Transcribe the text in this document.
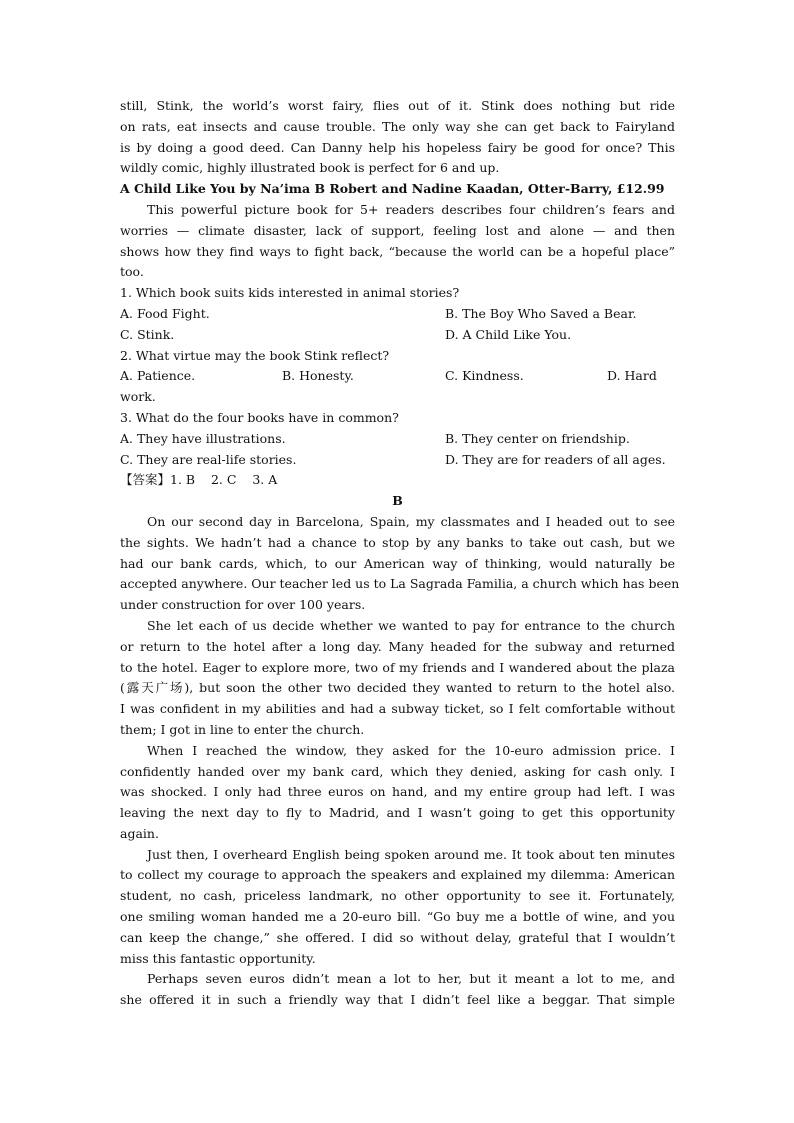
still, Stink, the world’s worst fairy, flies out of it. Stink does nothing but ride
on rats, eat insects and cause trouble. The only way she can get back to Fairyland
is by doing a good deed. Can Danny help his hopeless fairy be good for once? This
wildly comic, highly illustrated book is perfect for 6 and up.
A Child Like You by Na’ima B Robert and Nadine Kaadan, Otter-Barry, £12.99
This powerful picture book for 5+ readers describes four children’s fears and
worries — climate disaster, lack of support, feeling lost and alone — and then
shows how they find ways to fight back, “because the world can be a hopeful place”
too.
1. Which book suits kids interested in animal stories?
A. Food Fight.	B. The Boy Who Saved a Bear.
C. Stink.	D. A Child Like You.
2. What virtue may the book Stink reflect?
A. Patience.	B. Honesty.	C. Kindness.	D. Hard
work.
3. What do the four books have in common?
A. They have illustrations.	B. They center on friendship.
C. They are real-life stories.	D. They are for readers of all ages.
【答案】1. B    2. C    3. A
B
On our second day in Barcelona, Spain, my classmates and I headed out to see
the sights. We hadn’t had a chance to stop by any banks to take out cash, but we
had our bank cards, which, to our American way of thinking, would naturally be
accepted anywhere. Our teacher led us to La Sagrada Familia, a church which has been
under construction for over 100 years.
She let each of us decide whether we wanted to pay for entrance to the church
or return to the hotel after a long day. Many headed for the subway and returned
to the hotel. Eager to explore more, two of my friends and I wandered about the plaza
(露天广场), but soon the other two decided they wanted to return to the hotel also.
I was confident in my abilities and had a subway ticket, so I felt comfortable without
them; I got in line to enter the church.
When I reached the window, they asked for the 10-euro admission price. I
confidently handed over my bank card, which they denied, asking for cash only. I
was shocked. I only had three euros on hand, and my entire group had left. I was
leaving the next day to fly to Madrid, and I wasn’t going to get this opportunity
again.
Just then, I overheard English being spoken around me. It took about ten minutes
to collect my courage to approach the speakers and explained my dilemma: American
student, no cash, priceless landmark, no other opportunity to see it. Fortunately,
one smiling woman handed me a 20-euro bill. “Go buy me a bottle of wine, and you
can keep the change,” she offered. I did so without delay, grateful that I wouldn’t
miss this fantastic opportunity.
Perhaps seven euros didn’t mean a lot to her, but it meant a lot to me, and
she offered it in such a friendly way that I didn’t feel like a beggar. That simple
